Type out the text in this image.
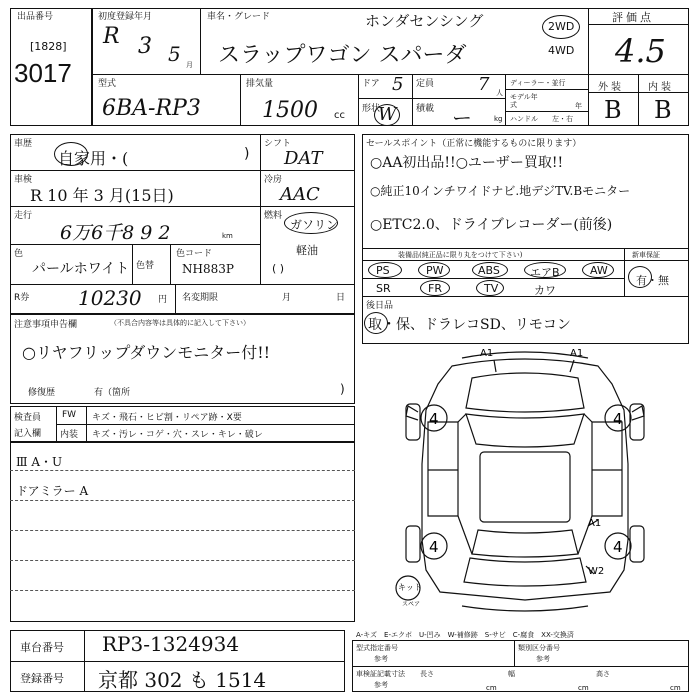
出品番号
[1828]
3017
初度登録年月
R 3 5 月
車名・グレード	ホンダセンシング
スラップワゴン スパーダ
2WD
4WD
評価点
4.5
型式
6BA-RP3
排気量
1500 cc
ドア 5 定員 7 人
形状
W 積載 ー	kg
ディーラー・並行
モデル年式	年
ハンドル 左・右
外装 内装
B B
車歴
自家用・(	)
シフト
DAT
車検
R 10 年 3 月(15日)
冷房
AAC
走行
6万6千8 9 2	km
燃料
ガソリン
軽油
( )
色
パールホワイト 色替
色コード
NH883P
R券 10230 円 名変期限	月	日
セールスポイント（正常に機能するものに限ります）
○AA初出品!!○ユーザー買取!!
○純正10インチワイドナビ.地デジTV.Bモニター
○ETC2.0、ドライブレコーダー(前後)
装備品(純正品に限り丸をつけて下さい)	新車保証
有・無
PS	PW	ABS	エアB	AW
SR	FR	TV	カワ
後日品
取・保、ドラレコSD、リモコン
注意事項申告欄	（不具合内容等は具体的に記入して下さい）
○リヤフリップダウンモニター付!!
修復歴	有（箇所	)
検査員
記入欄
FW キズ・飛石・ヒビ割・リペア跡・X要
内装 キズ・汚レ・コゲ・穴・スレ・キレ・破レ
Ⅲ A・U
ドアミラー A
A1	A1
A1
W2
4	4
4	4
キット
スペア
車台番号 RP3-1324934
登録番号 京都 302 も 1514
A-キズ　E-エクボ　U-凹み　W-補修跡　S-サビ　C-腐食　XX-交換済
型式指定番号
参考
類別区分番号
参考
車検証記載寸法
参考
長さ
cm
幅
cm
高さ
cm
